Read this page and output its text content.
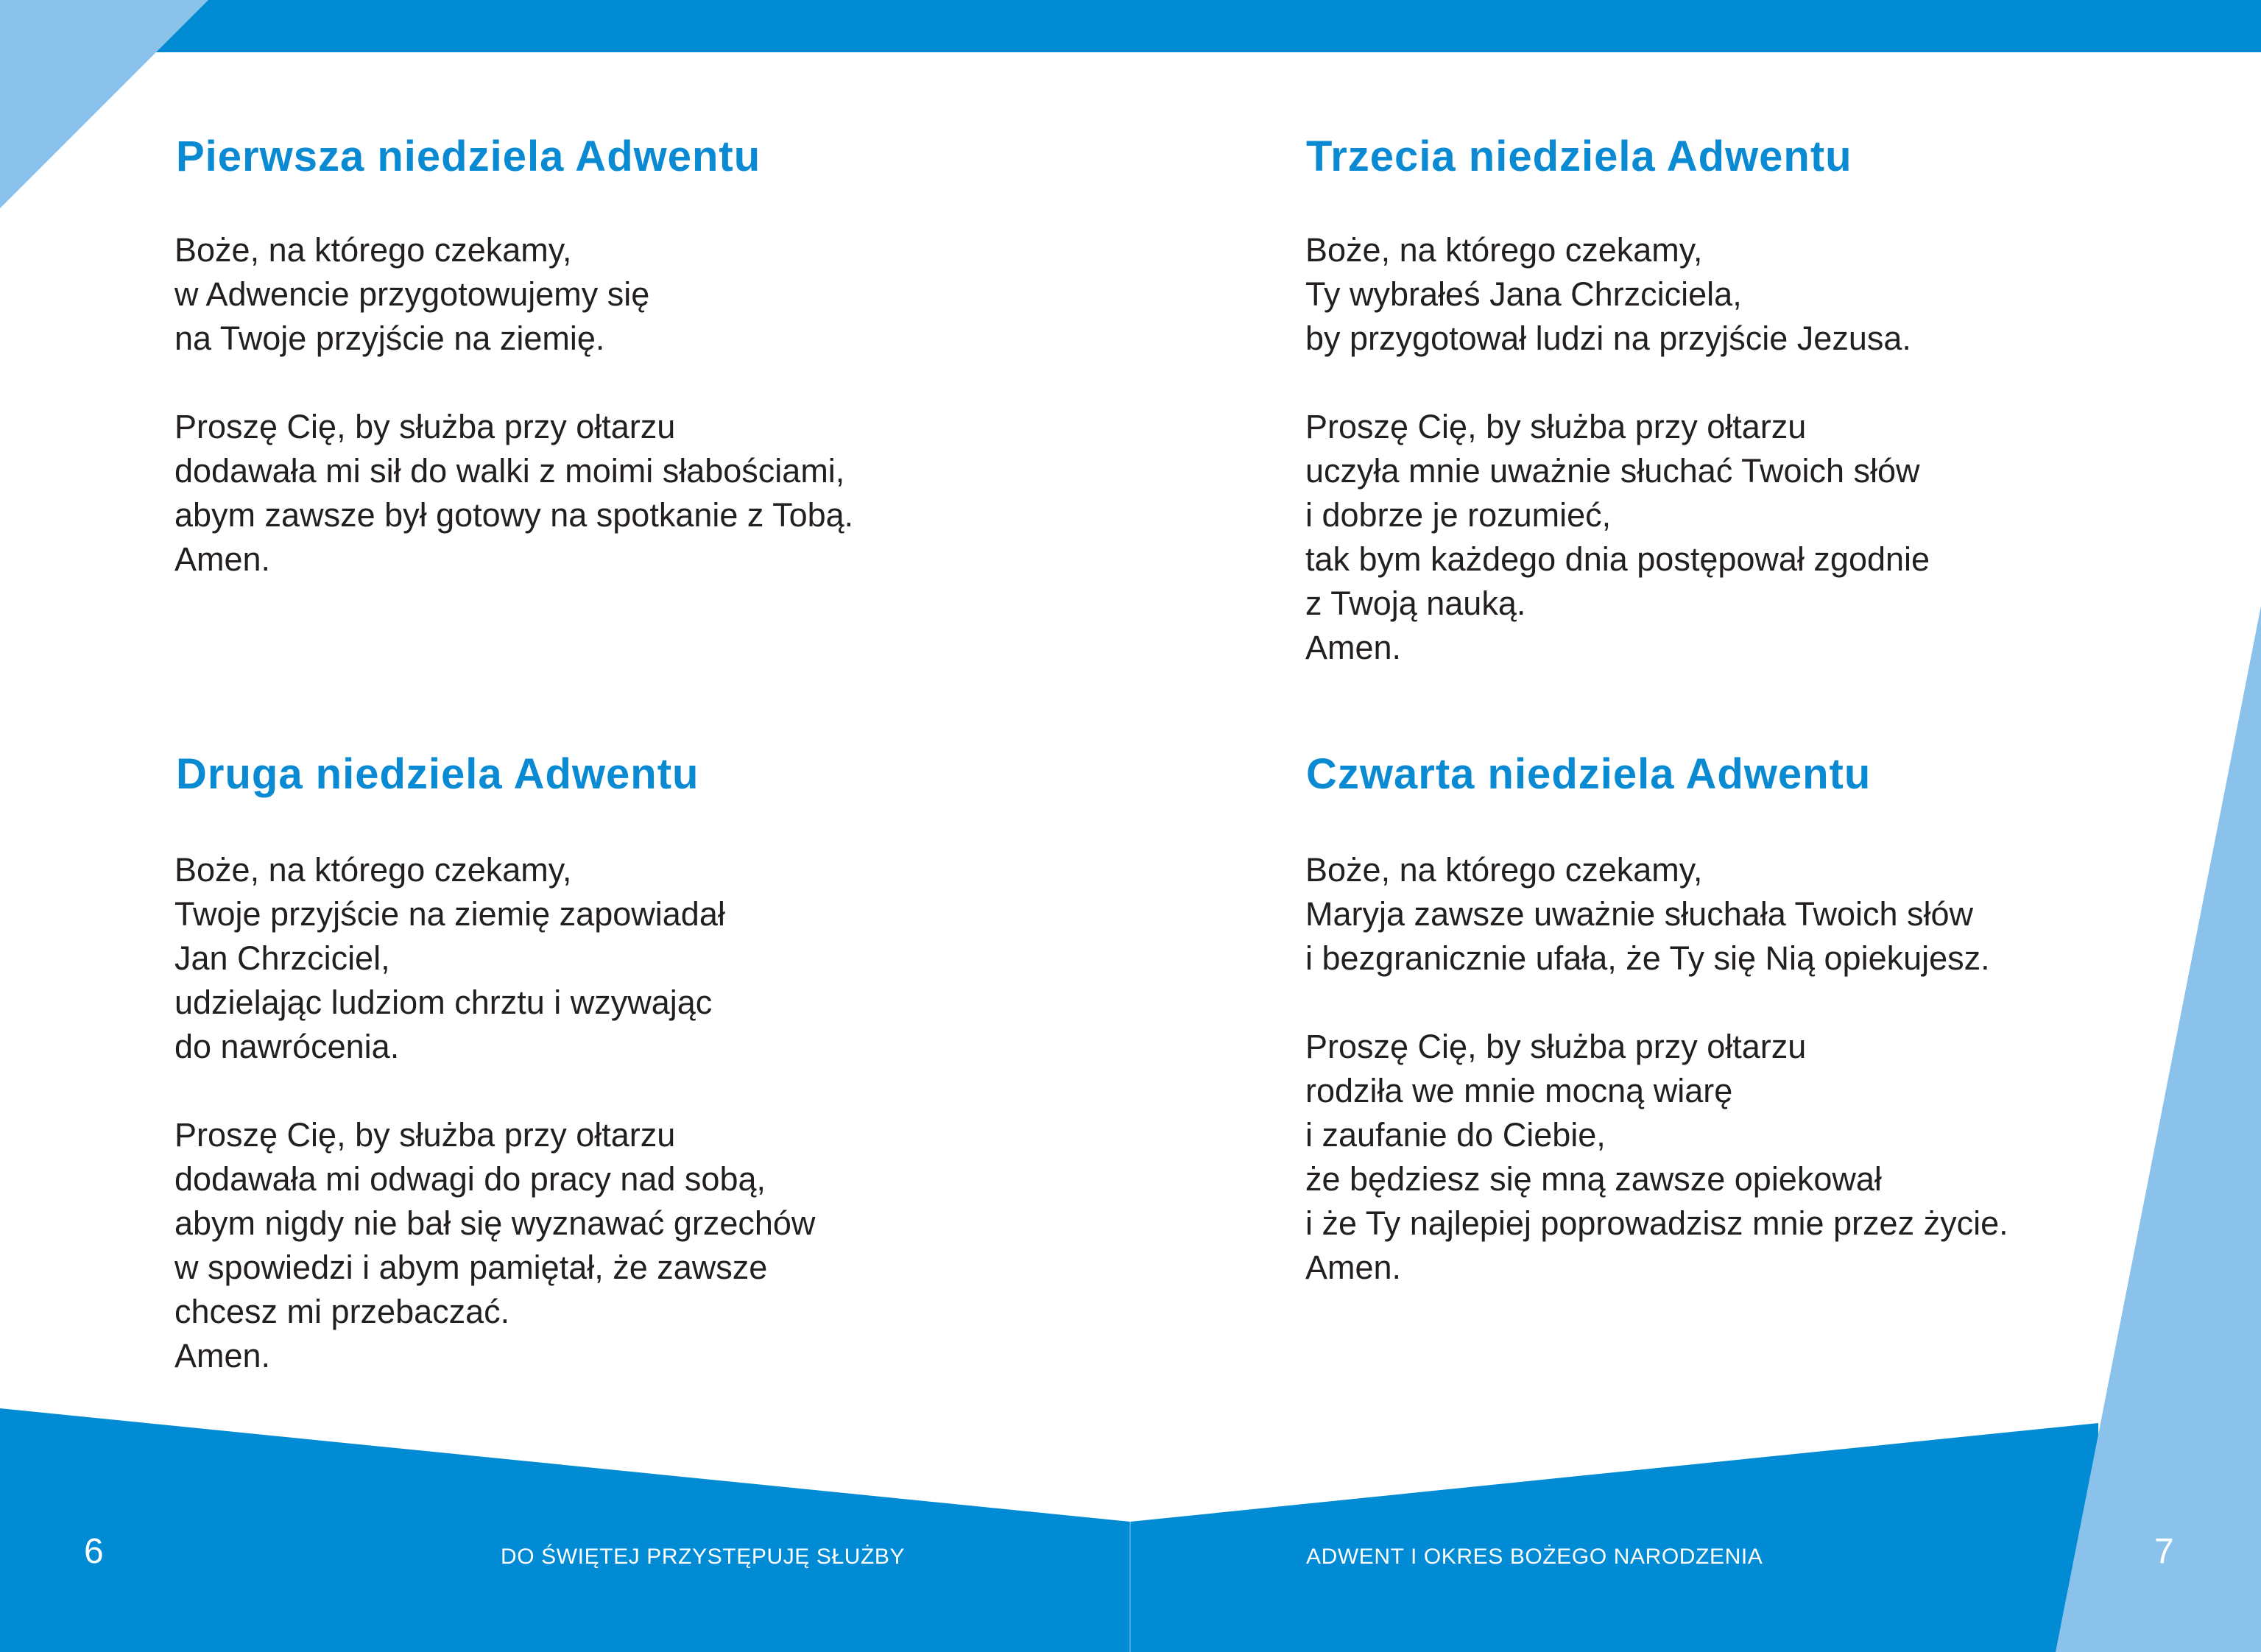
Pierwsza niedziela Adwentu
Boże, na którego czekamy,
w Adwencie przygotowujemy się
na Twoje przyjście na ziemię.
Proszę Cię, by służba przy ołtarzu
dodawała mi sił do walki z moimi słabościami,
abym zawsze był gotowy na spotkanie z Tobą.
Amen.
Druga niedziela Adwentu
Boże, na którego czekamy,
Twoje przyjście na ziemię zapowiadał
Jan Chrzciciel,
udzielając ludziom chrztu i wzywając
do nawrócenia.
Proszę Cię, by służba przy ołtarzu
dodawała mi odwagi do pracy nad sobą,
abym nigdy nie bał się wyznawać grzechów
w spowiedzi i abym pamiętał, że zawsze
chcesz mi przebaczać.
Amen.
Trzecia niedziela Adwentu
Boże, na którego czekamy,
Ty wybrałeś Jana Chrzciciela,
by przygotował ludzi na przyjście Jezusa.
Proszę Cię, by służba przy ołtarzu
uczyła mnie uważnie słuchać Twoich słów
i dobrze je rozumieć,
tak bym każdego dnia postępował zgodnie
z Twoją nauką.
Amen.
Czwarta niedziela Adwentu
Boże, na którego czekamy,
Maryja zawsze uważnie słuchała Twoich słów
i bezgranicznie ufała, że Ty się Nią opiekujesz.
Proszę Cię, by służba przy ołtarzu
rodziła we mnie mocną wiarę
i zaufanie do Ciebie,
że będziesz się mną zawsze opiekował
i że Ty najlepiej poprowadzisz mnie przez życie.
Amen.
6	DO ŚWIĘTEJ PRZYSTĘPUJĘ SŁUŻBY	ADWENT I OKRES BOŻEGO NARODZENIA	7
